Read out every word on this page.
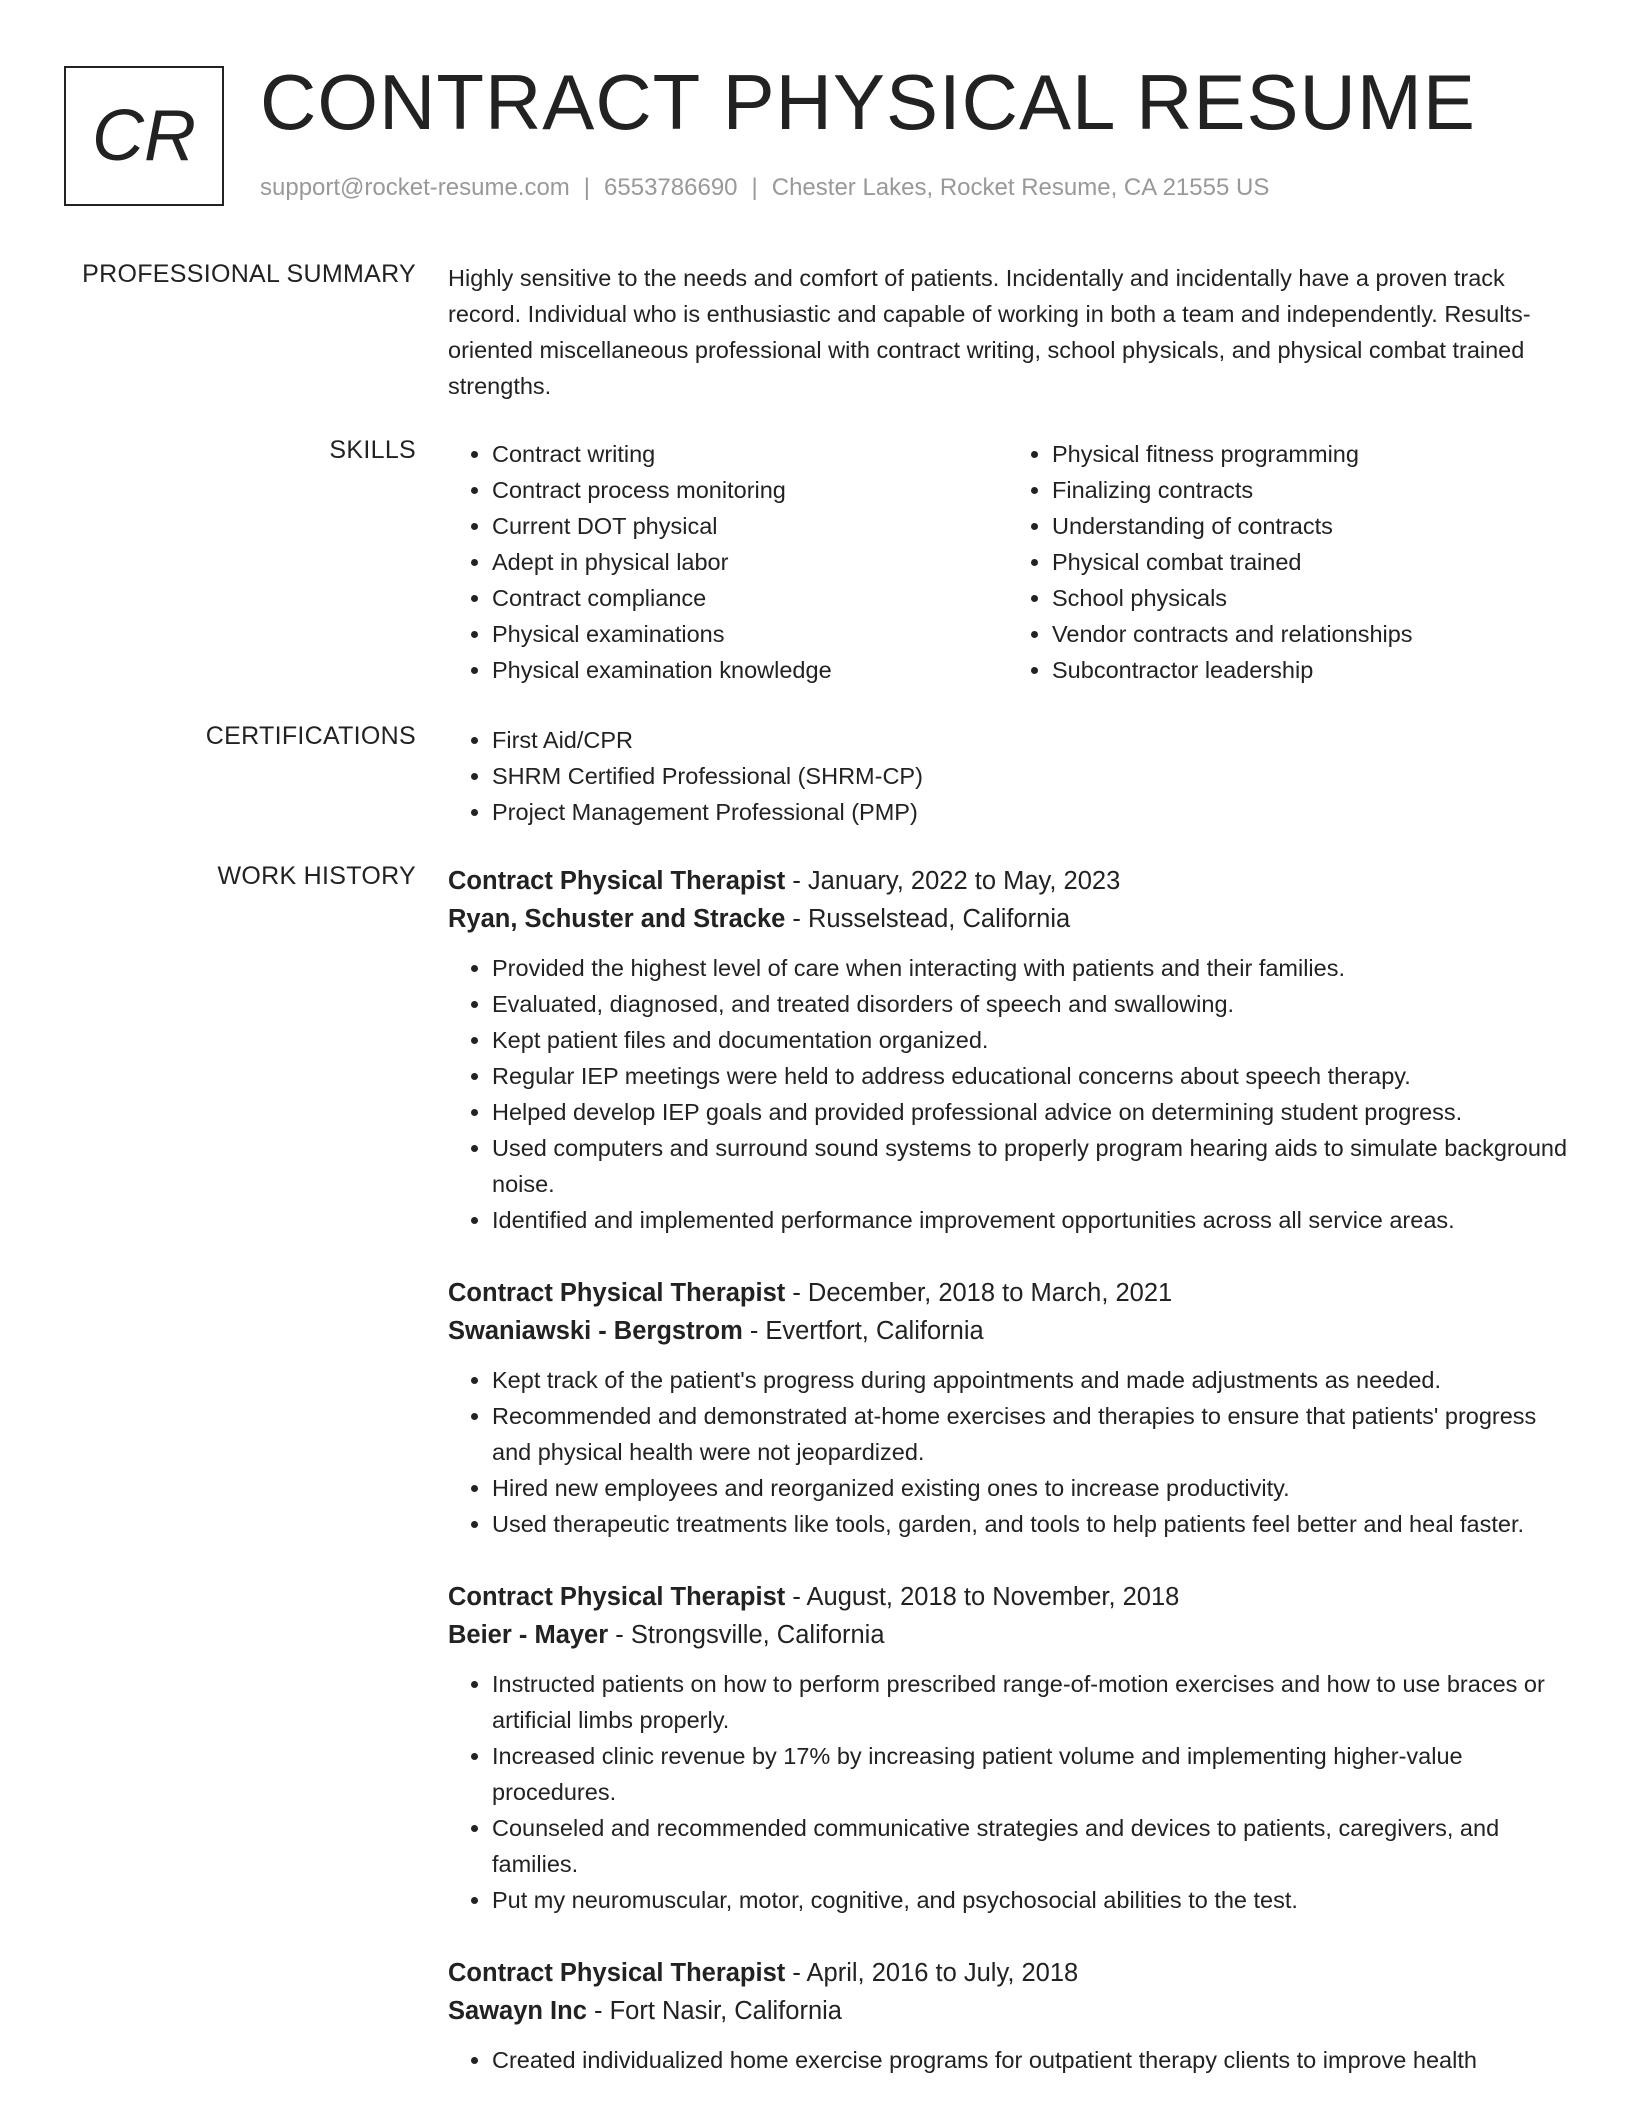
CR CONTRACT PHYSICAL RESUME
support@rocket-resume.com | 6553786690 | Chester Lakes, Rocket Resume, CA 21555 US
PROFESSIONAL SUMMARY Highly sensitive to the needs and comfort of patients. Incidentally and incidentally have a proven track record. Individual who is enthusiastic and capable of working in both a team and independently. Results-oriented miscellaneous professional with contract writing, school physicals, and physical combat trained strengths.

SKILLS	• Contract writing
• Contract process monitoring
• Current DOT physical
• Adept in physical labor
• Contract compliance
• Physical examinations
• Physical examination knowledge
• Physical fitness programming
• Finalizing contracts
• Understanding of contracts
• Physical combat trained
• School physicals
• Vendor contracts and relationships
• Subcontractor leadership
CERTIFICATIONS	• First Aid/CPR
• SHRM Certified Professional (SHRM-CP)
• Project Management Professional (PMP)
WORK HISTORY Contract Physical Therapist - January, 2022 to May, 2023
Ryan, Schuster and Stracke - Russelstead, California
• Provided the highest level of care when interacting with patients and their families.
• Evaluated, diagnosed, and treated disorders of speech and swallowing.
• Kept patient files and documentation organized.
• Regular IEP meetings were held to address educational concerns about speech therapy.
• Helped develop IEP goals and provided professional advice on determining student progress.
• Used computers and surround sound systems to properly program hearing aids to simulate background noise.
• Identified and implemented performance improvement opportunities across all service areas.
Contract Physical Therapist - December, 2018 to March, 2021
Swaniawski - Bergstrom - Evertfort, California
• Kept track of the patient's progress during appointments and made adjustments as needed.
• Recommended and demonstrated at-home exercises and therapies to ensure that patients' progress and physical health were not jeopardized.
• Hired new employees and reorganized existing ones to increase productivity.
• Used therapeutic treatments like tools, garden, and tools to help patients feel better and heal faster.
Contract Physical Therapist - August, 2018 to November, 2018
Beier - Mayer - Strongsville, California
• Instructed patients on how to perform prescribed range-of-motion exercises and how to use braces or artificial limbs properly.
• Increased clinic revenue by 17% by increasing patient volume and implementing higher-value procedures.
• Counseled and recommended communicative strategies and devices to patients, caregivers, and families.
• Put my neuromuscular, motor, cognitive, and psychosocial abilities to the test.
Contract Physical Therapist - April, 2016 to July, 2018
Sawayn Inc - Fort Nasir, California
• Created individualized home exercise programs for outpatient therapy clients to improve health
